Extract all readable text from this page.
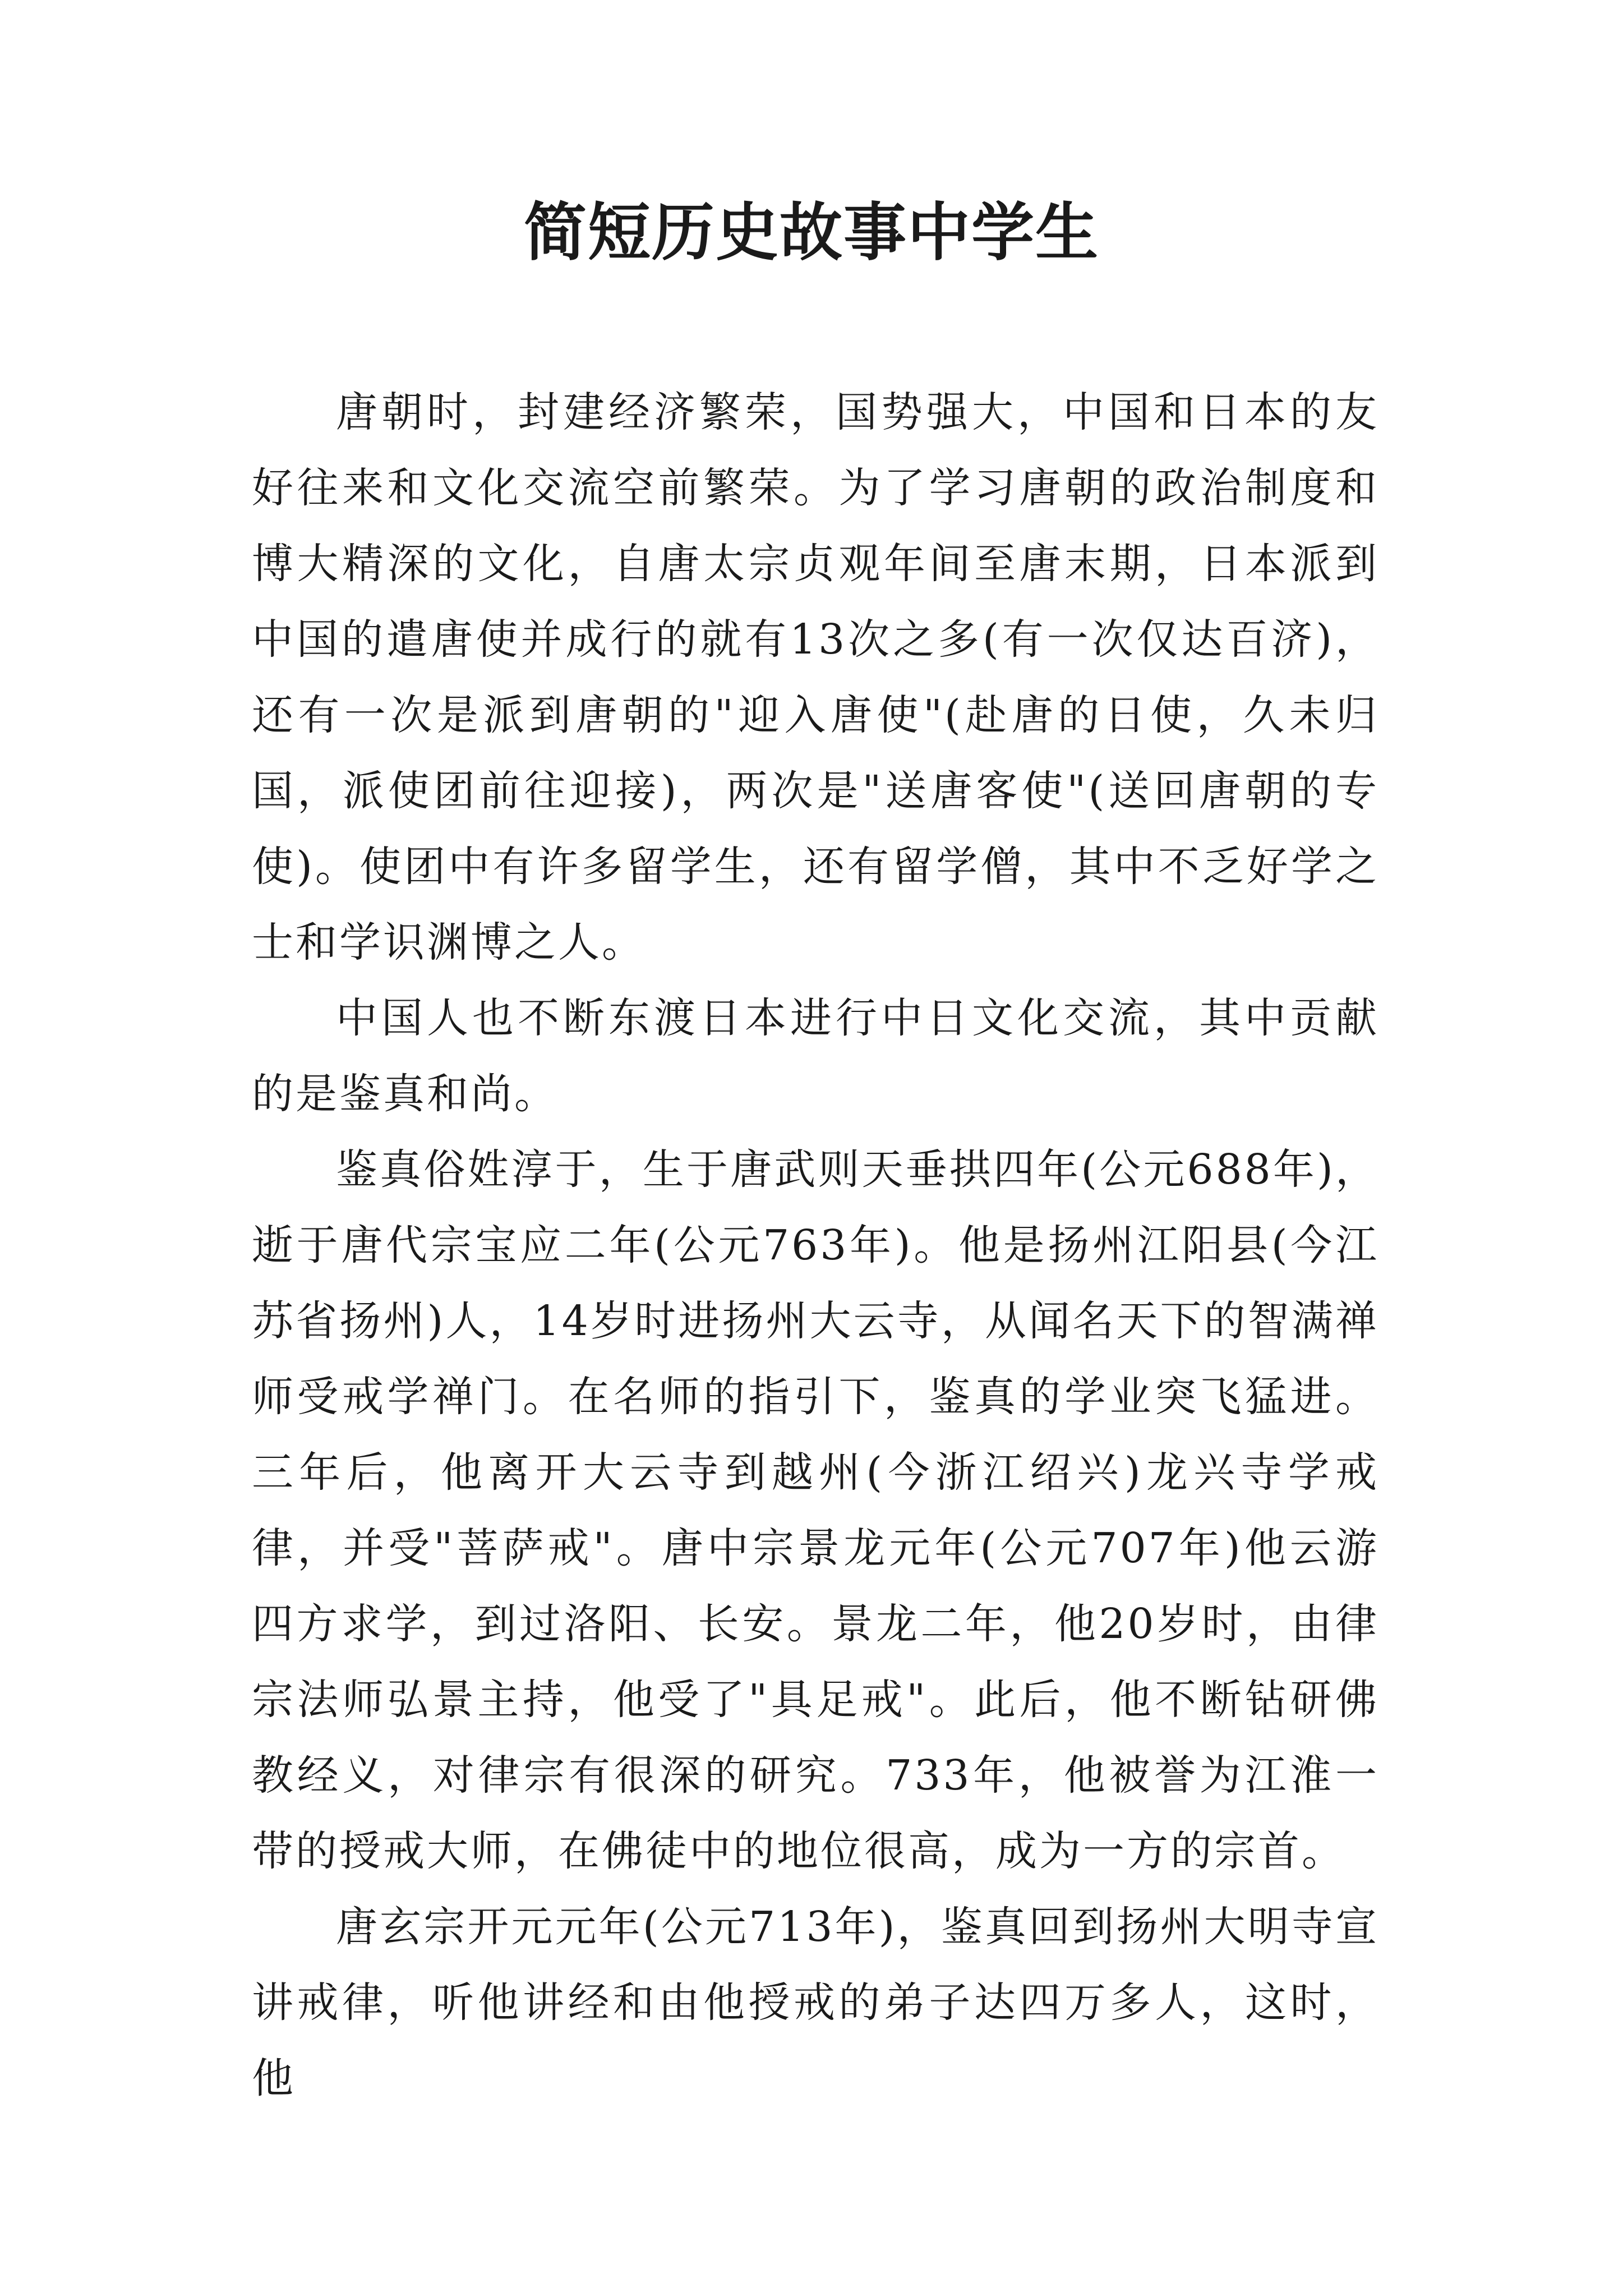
简短历史故事中学生

唐朝时，封建经济繁荣，国势强大，中国和日本的友好往来和文化交流空前繁荣。为了学习唐朝的政治制度和博大精深的文化，自唐太宗贞观年间至唐末期，日本派到中国的遣唐使并成行的就有13次之多(有一次仅达百济)，还有一次是派到唐朝的"迎入唐使"(赴唐的日使，久未归国，派使团前往迎接)，两次是"送唐客使"(送回唐朝的专使)。使团中有许多留学生，还有留学僧，其中不乏好学之士和学识渊博之人。

中国人也不断东渡日本进行中日文化交流，其中贡献的是鉴真和尚。

鉴真俗姓淳于，生于唐武则天垂拱四年(公元688年)，逝于唐代宗宝应二年(公元763年)。他是扬州江阳县(今江苏省扬州)人，14岁时进扬州大云寺，从闻名天下的智满禅师受戒学禅门。在名师的指引下，鉴真的学业突飞猛进。三年后，他离开大云寺到越州(今浙江绍兴)龙兴寺学戒律，并受"菩萨戒"。唐中宗景龙元年(公元707年)他云游四方求学，到过洛阳、长安。景龙二年，他20岁时，由律宗法师弘景主持，他受了"具足戒"。此后，他不断钻研佛教经义，对律宗有很深的研究。733年，他被誉为江淮一带的授戒大师，在佛徒中的地位很高，成为一方的宗首。

唐玄宗开元元年(公元713年)，鉴真回到扬州大明寺宣讲戒律，听他讲经和由他授戒的弟子达四万多人，这时，他
